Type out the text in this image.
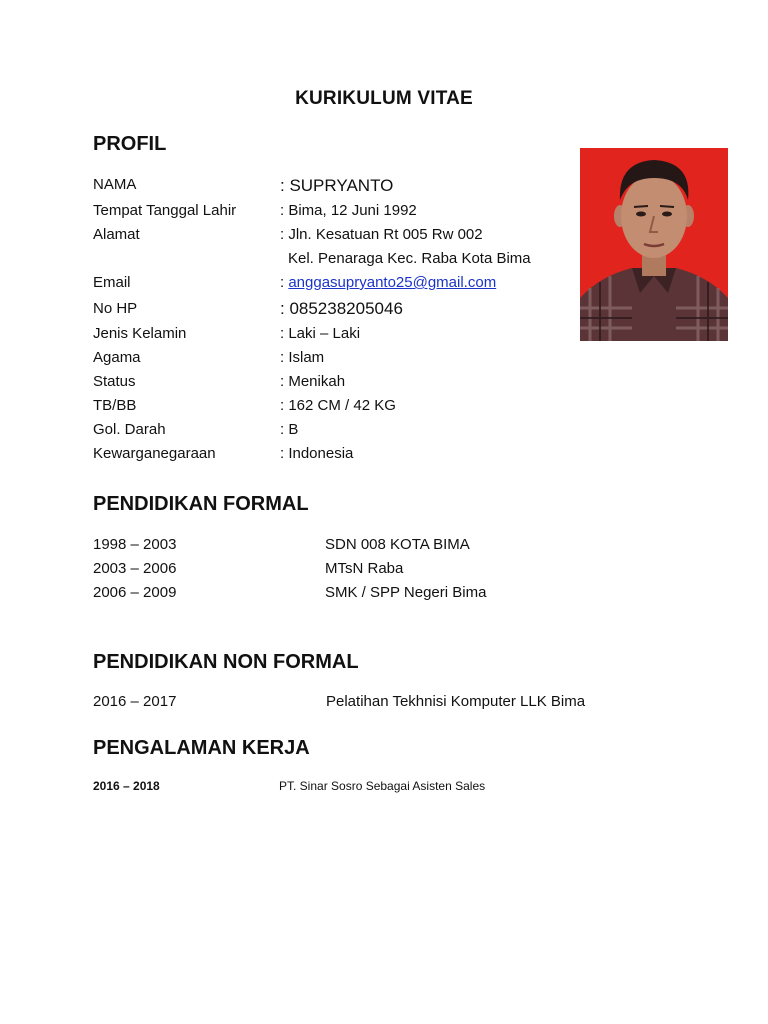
KURIKULUM VITAE
PROFIL
NAMA	: SUPRYANTO
Tempat Tanggal Lahir	: Bima, 12 Juni 1992
Alamat	: Jln. Kesatuan Rt 005 Rw 002
Kel. Penaraga Kec. Raba Kota Bima
Email	: anggasupryanto25@gmail.com
No HP	: 085238205046
Jenis Kelamin	: Laki – Laki
Agama	: Islam
Status	: Menikah
TB/BB	: 162 CM / 42 KG
Gol. Darah	: B
Kewarganegaraan	: Indonesia
PENDIDIKAN FORMAL
1998 – 2003	SDN 008 KOTA BIMA
2003 – 2006	MTsN Raba
2006 – 2009	SMK / SPP Negeri Bima
PENDIDIKAN NON FORMAL
2016 – 2017	Pelatihan Tekhnisi Komputer LLK Bima
PENGALAMAN KERJA
2016 – 2018	PT. Sinar Sosro Sebagai Asisten Sales
